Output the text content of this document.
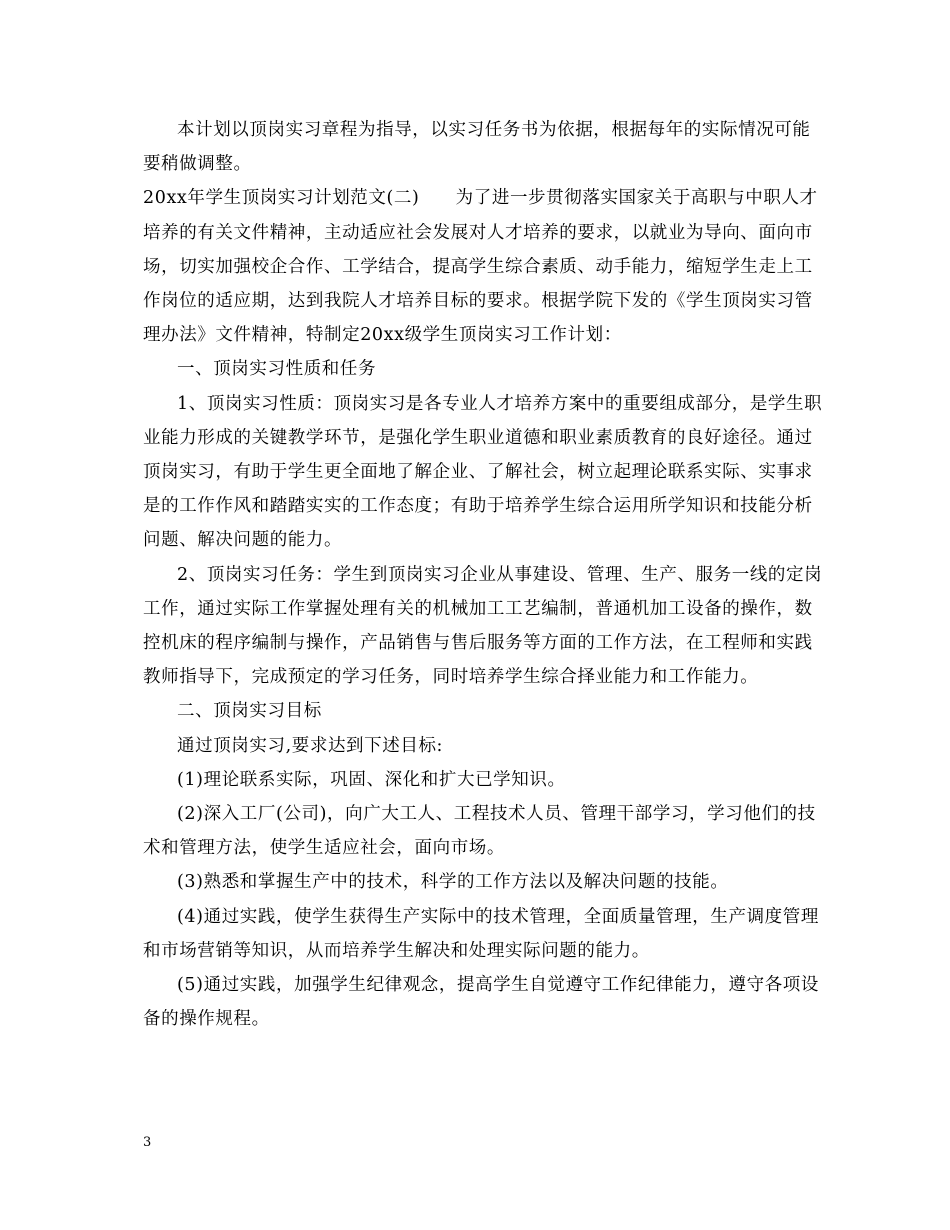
本计划以顶岗实习章程为指导，以实习任务书为依据，根据每年的实际情况可能要稍做调整。

20xx年学生顶岗实习计划范文(二)　　为了进一步贯彻落实国家关于高职与中职人才培养的有关文件精神，主动适应社会发展对人才培养的要求，以就业为导向、面向市场，切实加强校企合作、工学结合，提高学生综合素质、动手能力，缩短学生走上工作岗位的适应期，达到我院人才培养目标的要求。根据学院下发的《学生顶岗实习管理办法》文件精神，特制定20xx级学生顶岗实习工作计划：

一、顶岗实习性质和任务

1、顶岗实习性质：顶岗实习是各专业人才培养方案中的重要组成部分，是学生职业能力形成的关键教学环节，是强化学生职业道德和职业素质教育的良好途径。通过顶岗实习，有助于学生更全面地了解企业、了解社会，树立起理论联系实际、实事求是的工作作风和踏踏实实的工作态度；有助于培养学生综合运用所学知识和技能分析问题、解决问题的能力。

2、顶岗实习任务：学生到顶岗实习企业从事建设、管理、生产、服务一线的定岗工作，通过实际工作掌握处理有关的机械加工工艺编制，普通机加工设备的操作，数控机床的程序编制与操作，产品销售与售后服务等方面的工作方法，在工程师和实践教师指导下，完成预定的学习任务，同时培养学生综合择业能力和工作能力。

二、顶岗实习目标

通过顶岗实习,要求达到下述目标:

(1)理论联系实际，巩固、深化和扩大已学知识。

(2)深入工厂(公司)，向广大工人、工程技术人员、管理干部学习，学习他们的技术和管理方法，使学生适应社会，面向市场。

(3)熟悉和掌握生产中的技术，科学的工作方法以及解决问题的技能。

(4)通过实践，使学生获得生产实际中的技术管理，全面质量管理，生产调度管理和市场营销等知识，从而培养学生解决和处理实际问题的能力。

(5)通过实践，加强学生纪律观念，提高学生自觉遵守工作纪律能力，遵守各项设备的操作规程。

3
